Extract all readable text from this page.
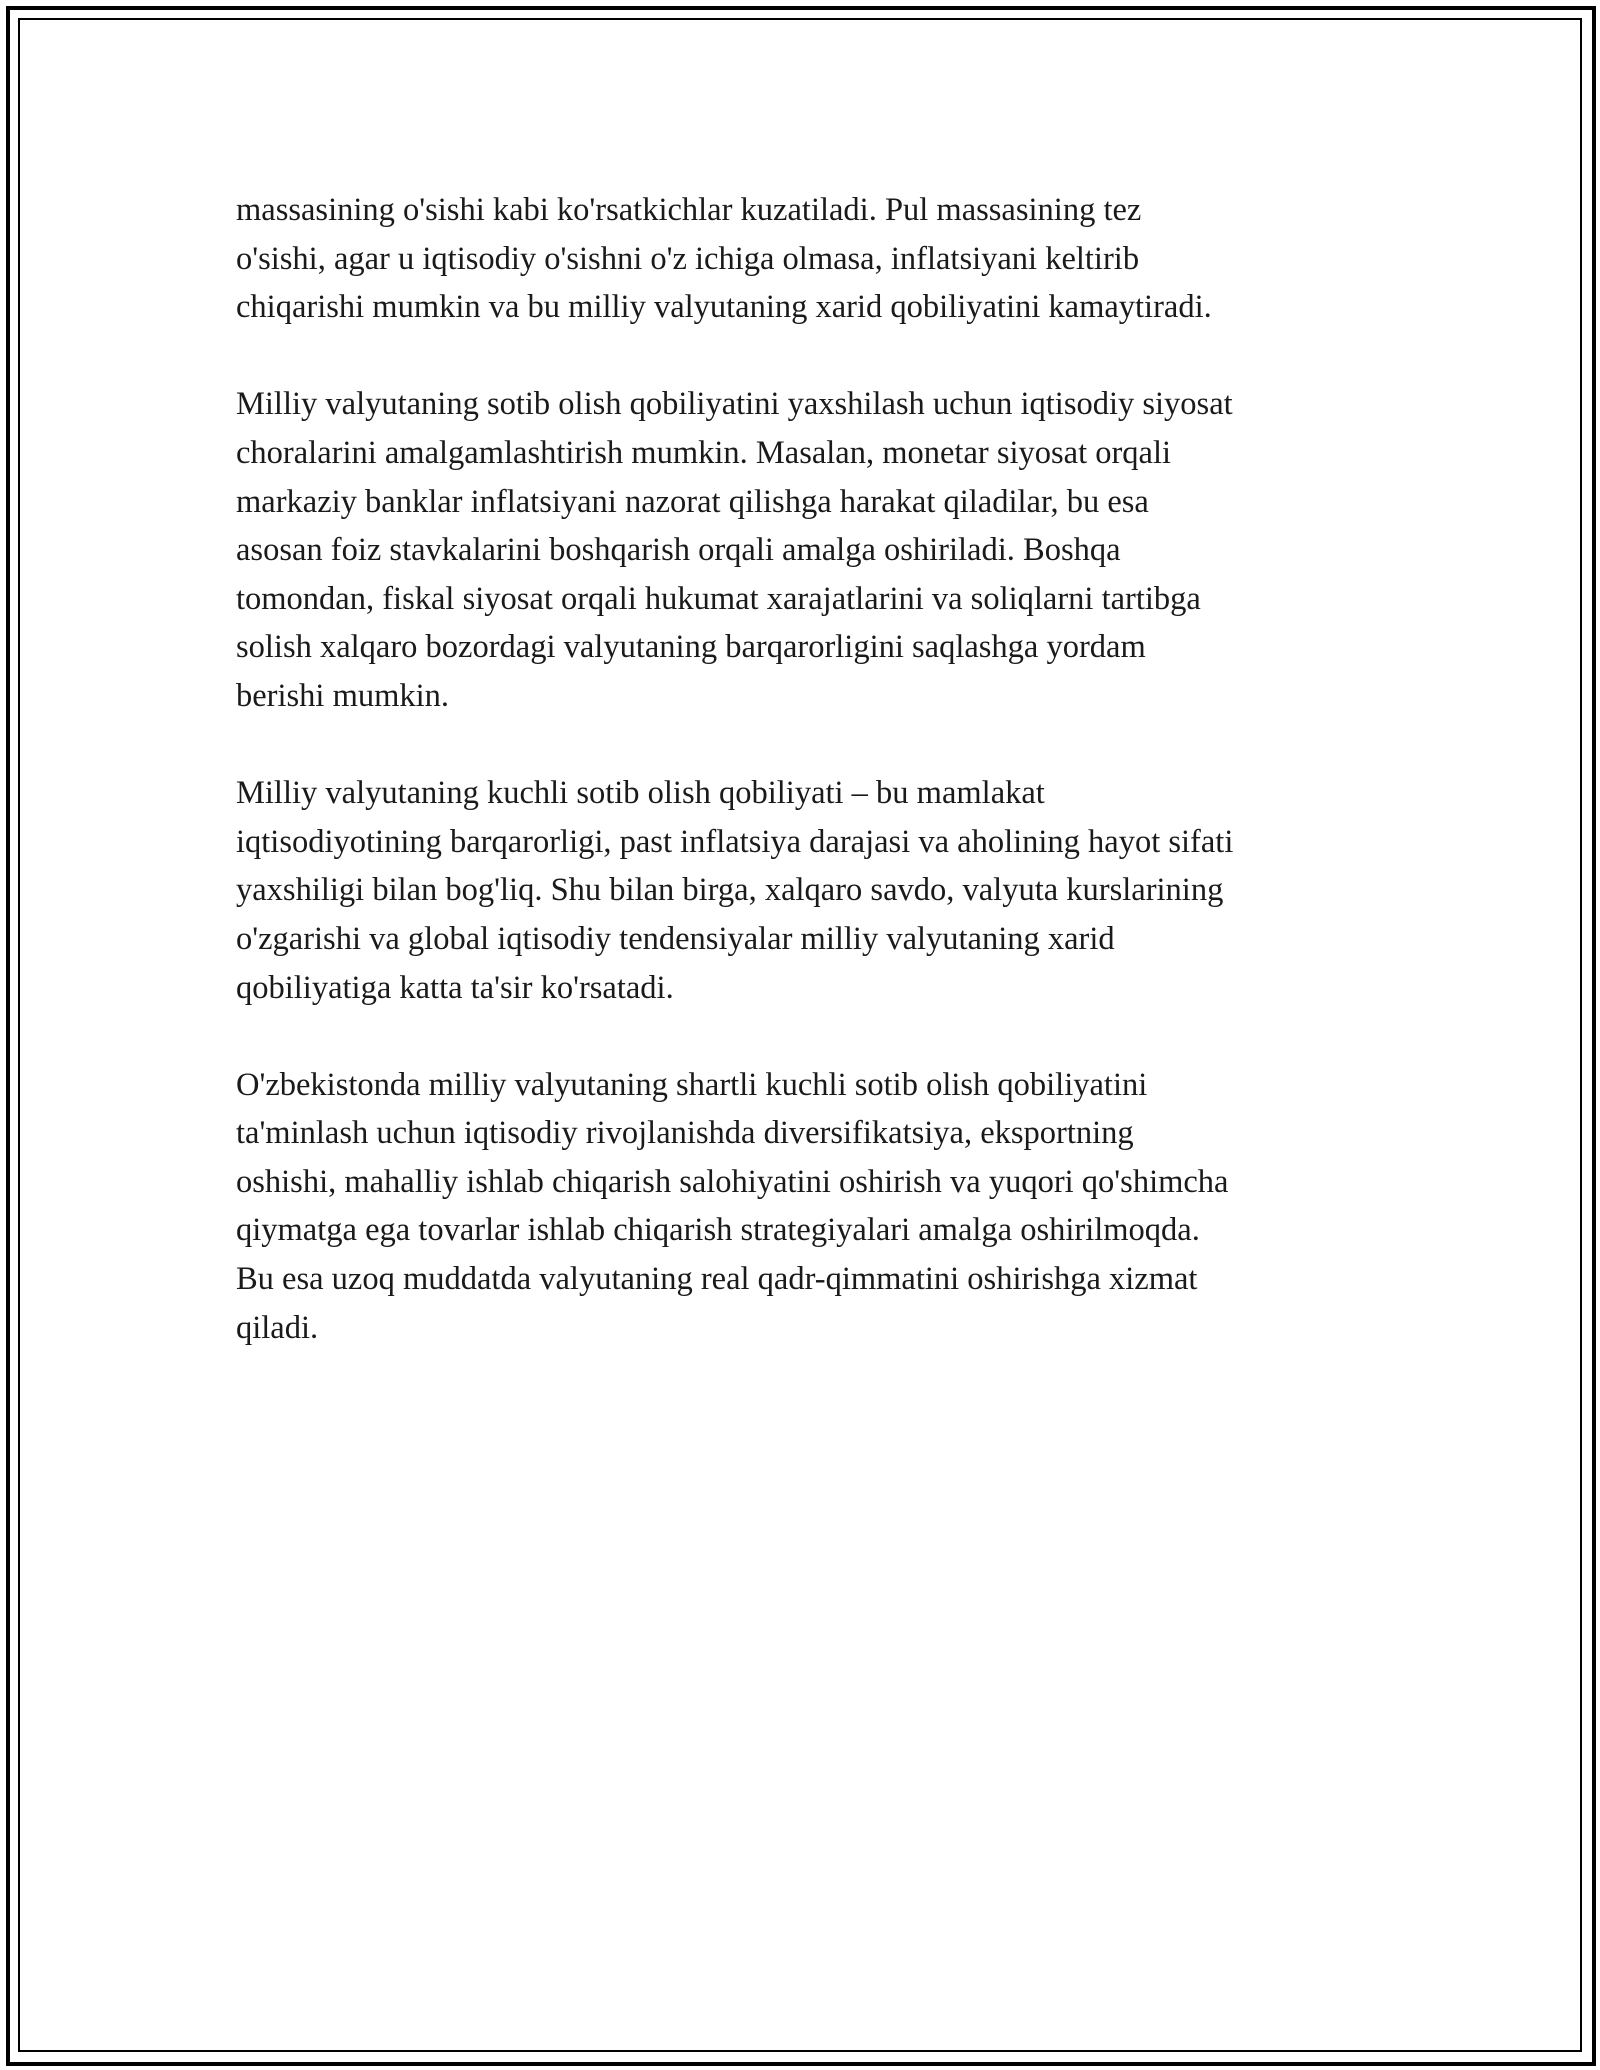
massasining o'sishi kabi ko'rsatkichlar kuzatiladi. Pul massasining tez
o'sishi, agar u iqtisodiy o'sishni o'z ichiga olmasa, inflatsiyani keltirib
chiqarishi mumkin va bu milliy valyutaning xarid qobiliyatini kamaytiradi.

Milliy valyutaning sotib olish qobiliyatini yaxshilash uchun iqtisodiy siyosat
choralarini amalgamlashtirish mumkin. Masalan, monetar siyosat orqali
markaziy banklar inflatsiyani nazorat qilishga harakat qiladilar, bu esa
asosan foiz stavkalarini boshqarish orqali amalga oshiriladi. Boshqa
tomondan, fiskal siyosat orqali hukumat xarajatlarini va soliqlarni tartibga
solish xalqaro bozordagi valyutaning barqarorligini saqlashga yordam
berishi mumkin.

Milliy valyutaning kuchli sotib olish qobiliyati – bu mamlakat
iqtisodiyotining barqarorligi, past inflatsiya darajasi va aholining hayot sifati
yaxshiligi bilan bog'liq. Shu bilan birga, xalqaro savdo, valyuta kurslarining
o'zgarishi va global iqtisodiy tendensiyalar milliy valyutaning xarid
qobiliyatiga katta ta'sir ko'rsatadi.

O'zbekistonda milliy valyutaning shartli kuchli sotib olish qobiliyatini
ta'minlash uchun iqtisodiy rivojlanishda diversifikatsiya, eksportning
oshishi, mahalliy ishlab chiqarish salohiyatini oshirish va yuqori qo'shimcha
qiymatga ega tovarlar ishlab chiqarish strategiyalari amalga oshirilmoqda.
Bu esa uzoq muddatda valyutaning real qadr-qimmatini oshirishga xizmat
qiladi.
